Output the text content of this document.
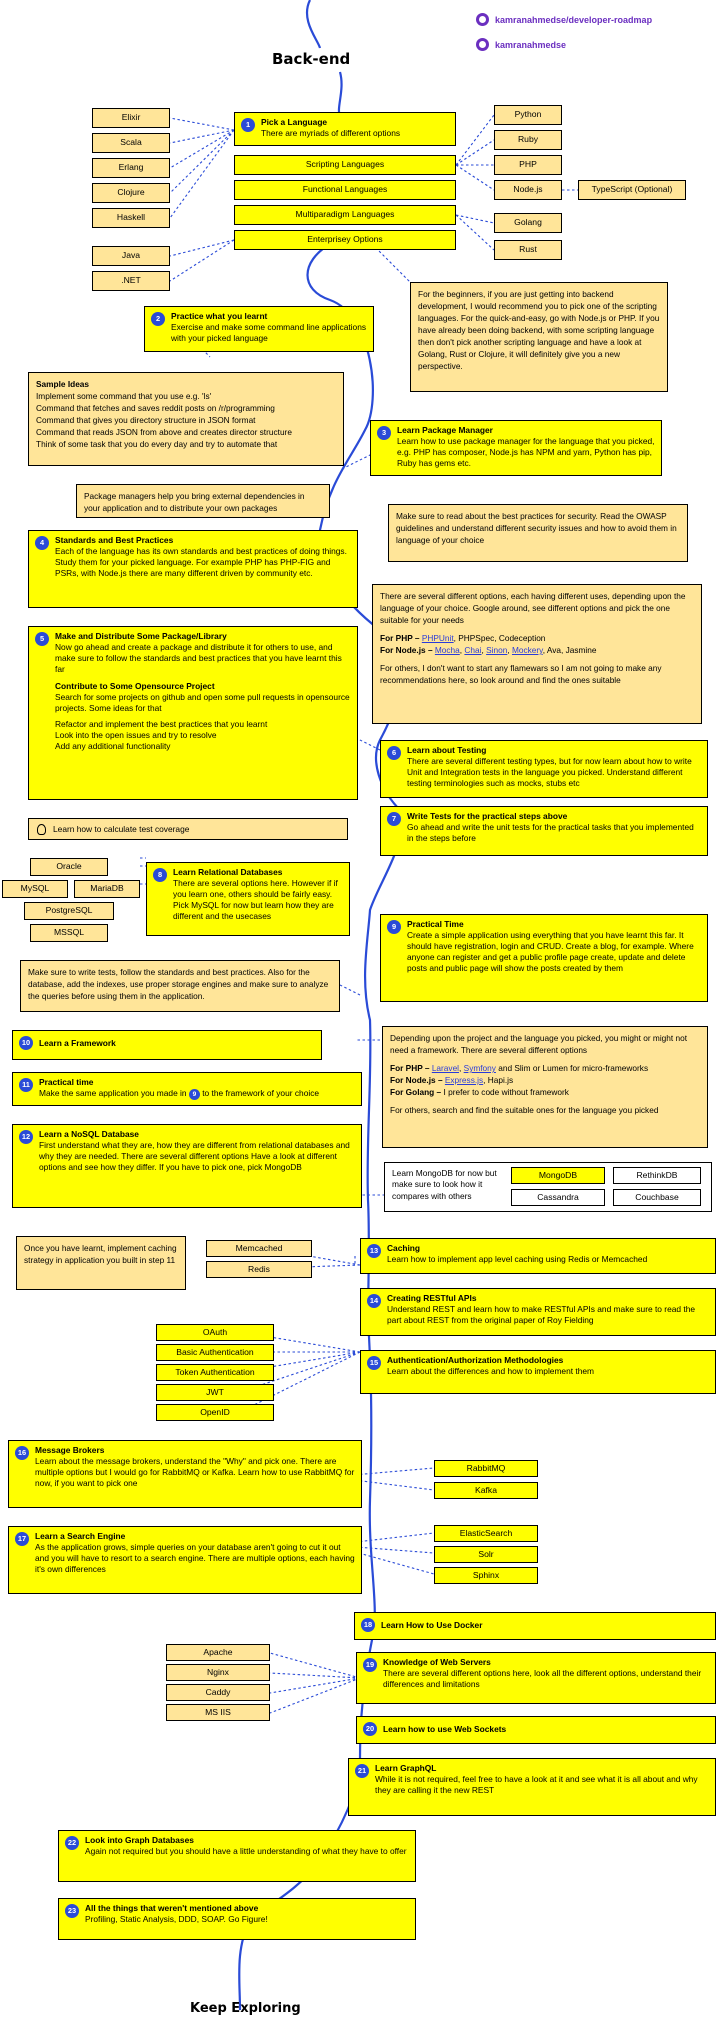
kamranahmedse/developer-roadmap
kamranahmedse
Back-end
1	Pick a Language
There are myriads of different options
Scripting Languages
Functional Languages
Multiparadigm Languages
Enterprisey Options
Elixir
Scala
Erlang
Clojure
Haskell
Java
.NET
Python
Ruby
PHP
Node.js	TypeScript (Optional)
Golang
Rust
For the beginners, if you are just getting into backend development, I would recommend you to pick one of the scripting languages. For the quick-and-easy, go with Node.js or PHP. If you have already been doing backend, with some scripting language then don't pick another scripting language and have a look at Golang, Rust or Clojure, it will definitely give you a new perspective.
2	Practice what you learnt
Exercise and make some command line applications with your picked language
Sample Ideas

Implement some command that you use e.g. 'ls'

Command that fetches and saves reddit posts on /r/programming

Command that gives you directory structure in JSON format

Command that reads JSON from above and creates director structure

Think of some task that you do every day and try to automate that

3	Learn Package Manager
Learn how to use package manager for the language that you picked, e.g. PHP has composer, Node.js has NPM and yarn, Python has pip, Ruby has gems etc.
Package managers help you bring external dependencies in your application and to distribute your own packages
4	Standards and Best Practices
Each of the language has its own standards and best practices of doing things. Study them for your picked language. For example PHP has PHP-FIG and PSRs, with Node.js there are many different driven by community etc.
Make sure to read about the best practices for security. Read the OWASP guidelines and understand different security issues and how to avoid them in language of your choice
5	Make and Distribute Some Package/Library
Now go ahead and create a package and distribute it for others to use, and make sure to follow the standards and best practices that you have learnt this far
Contribute to Some Opensource Project
Search for some projects on github and open some pull requests in opensource projects. Some ideas for that

Refactor and implement the best practices that you learnt

Look into the open issues and try to resolve

Add any additional functionality

There are several different options, each having different uses, depending upon the language of your choice. Google around, see different options and pick the one suitable for your needs

For PHP – PHPUnit, PHPSpec, Codeception

For Node.js – Mocha, Chai, Sinon, Mockery, Ava, Jasmine

For others, I don't want to start any flamewars so I am not going to make any recommendations here, so look around and find the ones suitable

6	Learn about Testing
There are several different testing types, but for now learn about how to write Unit and Integration tests in the language you picked. Understand different testing terminologies such as mocks, stubs etc
Learn how to calculate test coverage
7	Write Tests for the practical steps above
Go ahead and write the unit tests for the practical tasks that you implemented in the steps before
Oracle
MySQL	MariaDB
PostgreSQL
MSSQL
8	Learn Relational Databases
There are several options here. However if if you learn one, others should be fairly easy. Pick MySQL for now but learn how they are different and the usecases
9	Practical Time
Create a simple application using everything that you have learnt this far. It should have registration, login and CRUD. Create a blog, for example. Where anyone can register and get a public profile page create, update and delete posts and public page will show the posts created by them
Make sure to write tests, follow the standards and best practices. Also for the database, add the indexes, use proper storage engines and make sure to analyze the queries before using them in the application.
10	Learn a Framework	Depending upon the project and the language you picked, you might or might not need a framework. There are several different options

For PHP – Laravel, Symfony and Slim or Lumen for micro-frameworks

For Node.js – Express.js, Hapi.js

For Golang – I prefer to code without framework

For others, search and find the suitable ones for the language you picked

11	Practical time
Make the same application you made in 9 to the framework of your choice
12	Learn a NoSQL Database
First understand what they are, how they are different from relational databases and why they are needed. There are several different options Have a look at different options and see how they differ. If you have to pick one, pick MongoDB
Learn MongoDB for now but make sure to look how it compares with others
MongoDB	RethinkDB
Cassandra	Couchbase
Once you have learnt, implement caching strategy in application you built in step 11
Memcached
Redis
13	Caching
Learn how to implement app level caching using Redis or Memcached
14	Creating RESTful APIs
Understand REST and learn how to make RESTful APIs and make sure to read the part about REST from the original paper of Roy Fielding
OAuth
Basic Authentication
Token Authentication
JWT
OpenID
15	Authentication/Authorization Methodologies
Learn about the differences and how to implement them
16	Message Brokers
Learn about the message brokers, understand the "Why" and pick one. There are multiple options but I would go for RabbitMQ or Kafka. Learn how to use RabbitMQ for now, if you want to pick one
RabbitMQ
Kafka
17	Learn a Search Engine
As the application grows, simple queries on your database aren't going to cut it out and you will have to resort to a search engine. There are multiple options, each having it's own differences
ElasticSearch
Solr
Sphinx
18	Learn How to Use Docker
Apache
Nginx
Caddy
MS IIS
19	Knowledge of Web Servers
There are several different options here, look all the different options, understand their differences and limitations
20	Learn how to use Web Sockets
21	Learn GraphQL
While it is not required, feel free to have a look at it and see what it is all about and why they are calling it the new REST
22	Look into Graph Databases
Again not required but you should have a little understanding of what they have to offer
23	All the things that weren't mentioned above
Profiling, Static Analysis, DDD, SOAP. Go Figure!
Keep Exploring
